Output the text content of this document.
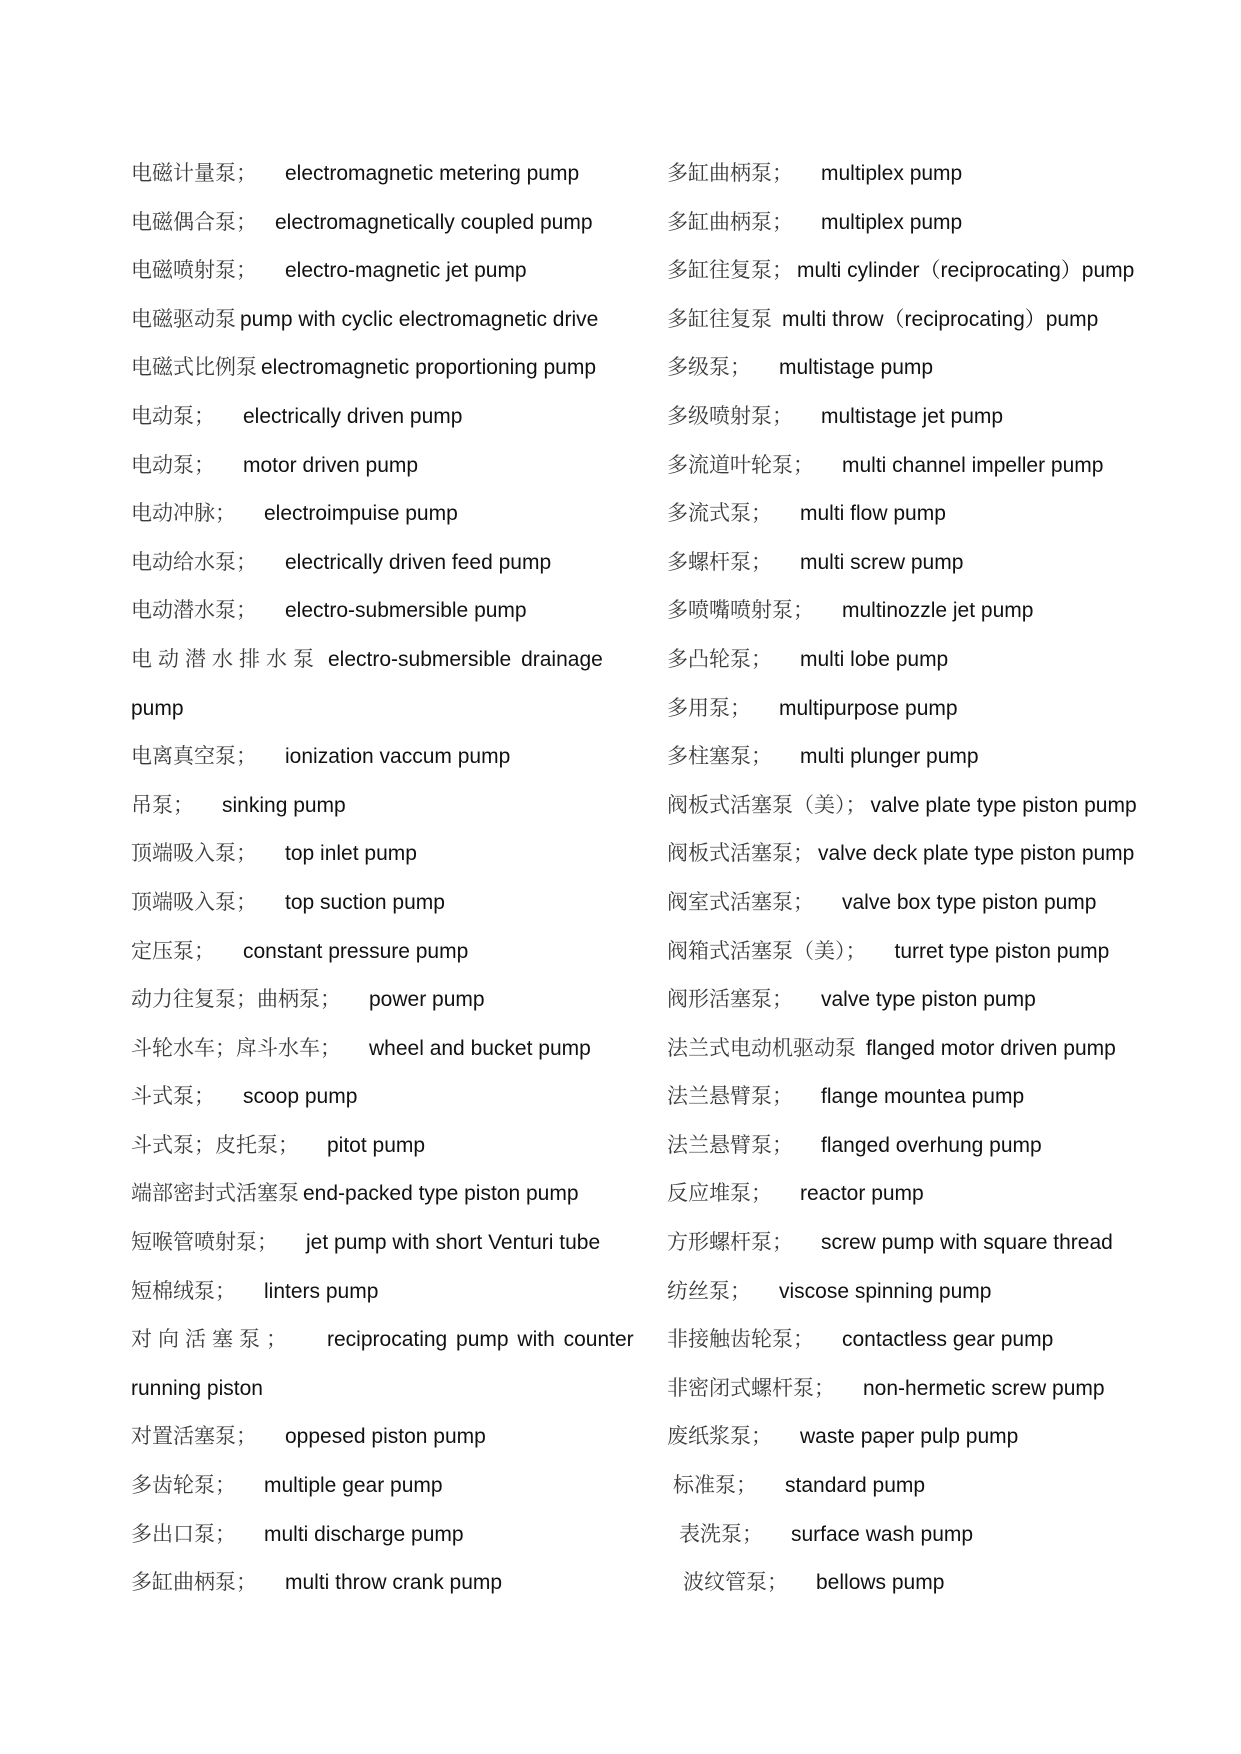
电磁计量泵； electromagnetic metering pump
电磁偶合泵； electromagnetically coupled pump
电磁喷射泵； electro-magnetic jet pump
电磁驱动泵 pump with cyclic electromagnetic drive
电磁式比例泵 electromagnetic proportioning pump
电动泵； electrically driven pump
电动泵； motor driven pump
电动冲脉； electroimpuise pump
电动给水泵； electrically driven feed pump
电动潜水泵； electro-submersible pump
电动潜水排水泵 electro-submersible drainage
pump
电离真空泵； ionization vaccum pump
吊泵； sinking pump
顶端吸入泵； top inlet pump
顶端吸入泵； top suction pump
定压泵； constant pressure pump
动力往复泵；曲柄泵； power pump
斗轮水车；戽斗水车； wheel and bucket pump
斗式泵； scoop pump
斗式泵；皮托泵； pitot pump
端部密封式活塞泵 end-packed type piston pump
短喉管喷射泵； jet pump with short Venturi tube
短棉绒泵； linters pump
对向活塞泵； reciprocating pump with counter
running piston
对置活塞泵； oppesed piston pump
多齿轮泵； multiple gear pump
多出口泵； multi discharge pump
多缸曲柄泵； multi throw crank pump
多缸曲柄泵； multiplex pump
多缸曲柄泵； multiplex pump
多缸往复泵； multi cylinder（reciprocating）pump
多缸往复泵 multi throw（reciprocating）pump
多级泵； multistage pump
多级喷射泵； multistage jet pump
多流道叶轮泵； multi channel impeller pump
多流式泵； multi flow pump
多螺杆泵； multi screw pump
多喷嘴喷射泵； multinozzle jet pump
多凸轮泵； multi lobe pump
多用泵； multipurpose pump
多柱塞泵； multi plunger pump
阀板式活塞泵（美）； valve plate type piston pump
阀板式活塞泵； valve deck plate type piston pump
阀室式活塞泵； valve box type piston pump
阀箱式活塞泵（美）； turret type piston pump
阀形活塞泵； valve type piston pump
法兰式电动机驱动泵 flanged motor driven pump
法兰悬臂泵； flange mountea pump
法兰悬臂泵； flanged overhung pump
反应堆泵； reactor pump
方形螺杆泵； screw pump with square thread
纺丝泵； viscose spinning pump
非接触齿轮泵； contactless gear pump
非密闭式螺杆泵； non-hermetic screw pump
废纸浆泵； waste paper pulp pump
标准泵； standard pump
表洗泵； surface wash pump
波纹管泵； bellows pump
